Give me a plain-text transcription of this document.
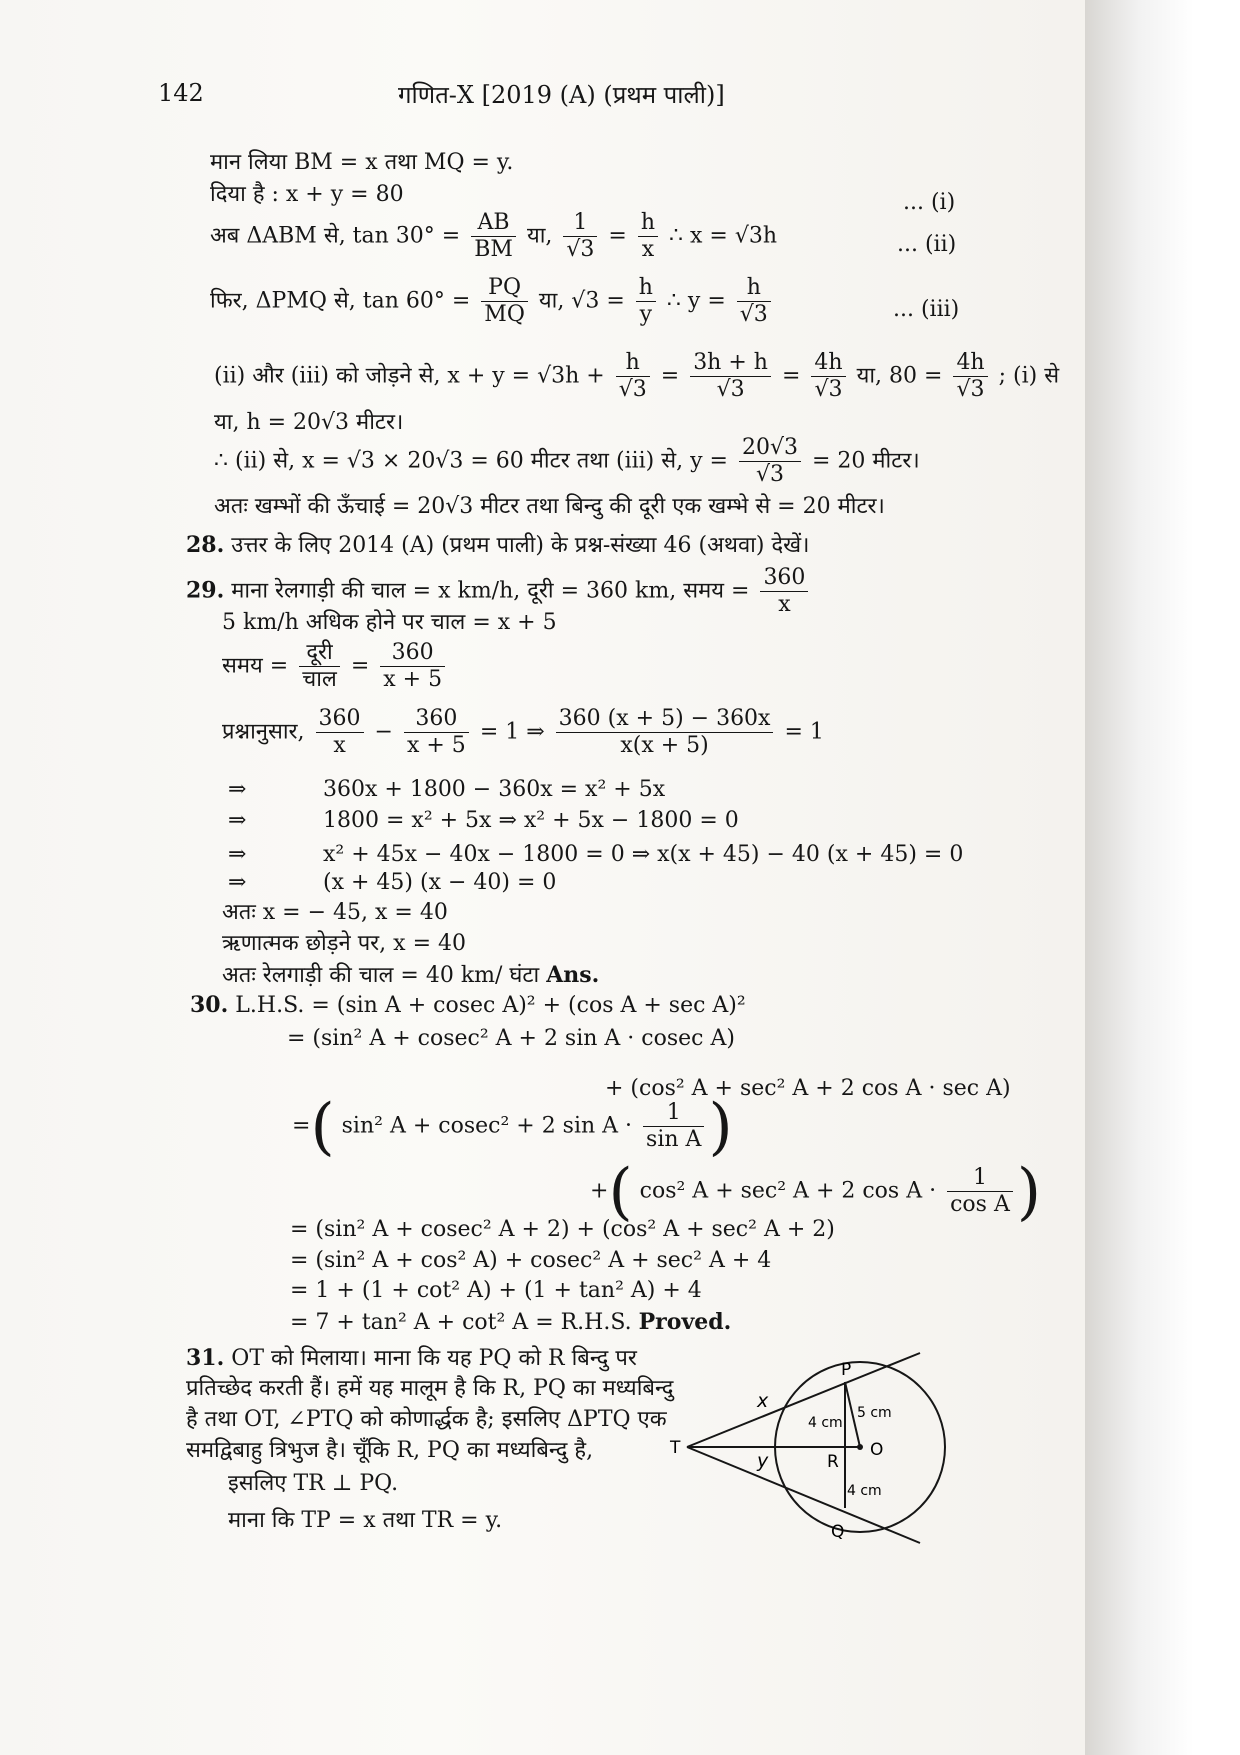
142	गणित-X [2019 (A) (प्रथम पाली)]
मान लिया BM = x तथा MQ = y.
दिया है : x + y = 80	... (i)
अब ΔABM से, $\tan 30^\circ = \frac{AB}{BM}$ या, $\frac{1}{√3} = \frac{h}{x}$ ∴ x = √3h	... (ii)
फिर, ΔPMQ से, $\tan 60^\circ = \frac{PQ}{MQ}$ या, $√3 = \frac{h}{y}$ ∴ $y = \frac{h}{√3}$	... (iii)
(ii) और (iii) को जोड़ने से, $x + y = √3h + \frac{h}{√3} = \frac{3h + h}{√3} = \frac{4h}{√3}$ या, $80 = \frac{4h}{√3}$ ; (i) से
या, h = 20√3 मीटर।
∴ (ii) से, x = √3 × 20√3 = 60 मीटर तथा (iii) से, $y = \frac{20√3}{√3} = 20$ मीटर।
अतः खम्भों की ऊँचाई = 20√3 मीटर तथा बिन्दु की दूरी एक खम्भे से = 20 मीटर।
28. उत्तर के लिए 2014 (A) (प्रथम पाली) के प्रश्न-संख्या 46 (अथवा) देखें।
29. माना रेलगाड़ी की चाल = x km/h, दूरी = 360 km, समय = $\frac{360}{x}$
5 km/h अधिक होने पर चाल = x + 5
समय = $\frac{\text{दूरी}}{\text{चाल}} = \frac{360}{x + 5}$
प्रश्नानुसार, $\frac{360}{x} - \frac{360}{x + 5} = 1$ ⇒ $\frac{360 (x + 5) - 360x}{x(x + 5)} = 1$
⇒	360x + 1800 − 360x = x² + 5x
⇒	1800 = x² + 5x ⇒ x² + 5x − 1800 = 0
⇒	x² + 45x − 40x − 1800 = 0 ⇒ x(x + 45) − 40 (x + 45) = 0
⇒	(x + 45) (x − 40) = 0
अतः x = − 45, x = 40
ऋणात्मक छोड़ने पर, x = 40
अतः रेलगाड़ी की चाल = 40 km/ घंटा Ans.
30. L.H.S. = (sin A + cosec A)² + (cos A + sec A)²
= (sin² A + cosec² A + 2 sin A · cosec A)
+ (cos² A + sec² A + 2 cos A · sec A)
=( sin² A + cosec² + 2 $\sin A \cdot \frac{1}{\text{sin A}}$ )
+( cos² A + sec² A + 2 $\cos A \cdot \frac{1}{\text{cos A}}$ )
= (sin² A + cosec² A + 2) + (cos² A + sec² A + 2)
= (sin² A + cos² A) + cosec² A + sec² A + 4
= 1 + (1 + cot² A) + (1 + tan² A) + 4
= 7 + tan² A + cot² A = R.H.S. Proved.
31. OT को मिलाया। माना कि यह PQ को R बिन्दु पर
प्रतिच्छेद करती हैं। हमें यह मालूम है कि R, PQ का मध्यबिन्दु
है तथा OT, ∠PTQ को कोणार्द्धक है; इसलिए ΔPTQ एक
समद्विबाहु त्रिभुज है। चूँकि R, PQ का मध्यबिन्दु है,
इसलिए TR ⊥ PQ.
माना कि TP = x तथा TR = y.
P
Q
T	O
R
x
y
4 cm
5 cm
4 cm
